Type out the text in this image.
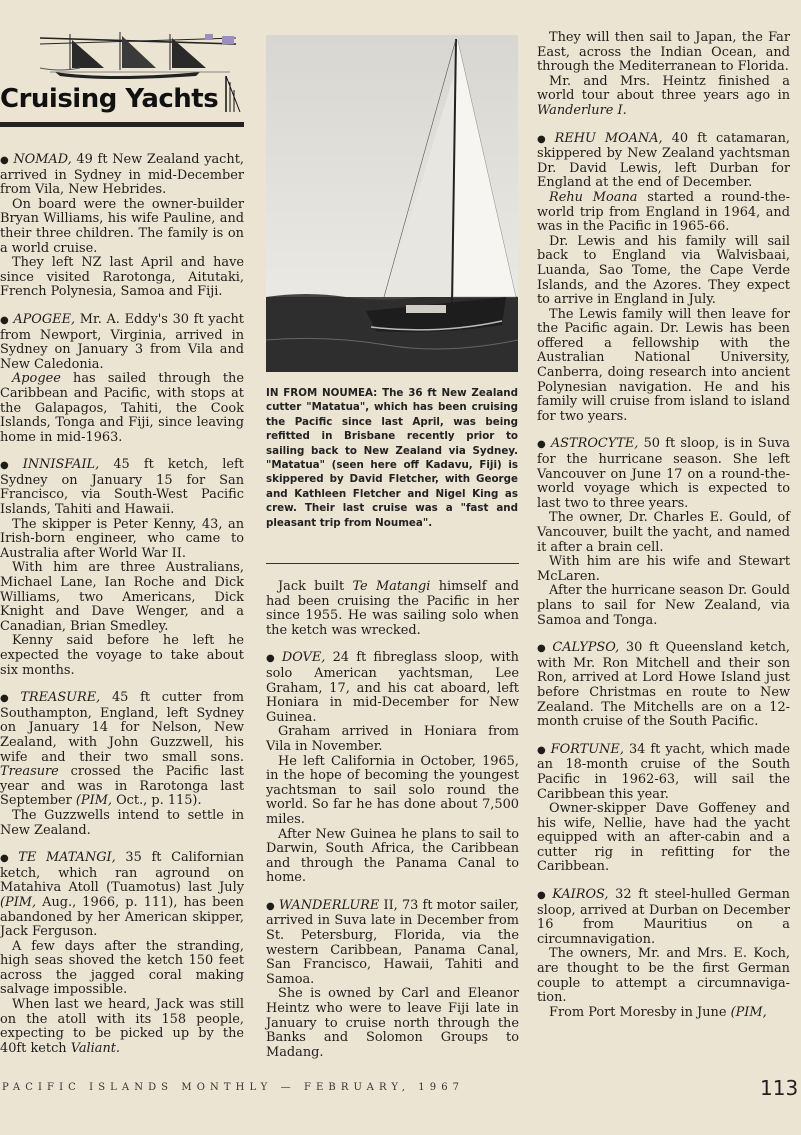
Cruising Yachts
IN FROM NOUMEA: The 36 ft New Zealand cutter "Matatua", which has been cruising the Pacific since last April, was being refitted in Brisbane recently prior to sailing back to New Zealand via Sydney. "Matatua" (seen here off Kadavu, Fiji) is skippered by David Fletcher, with George and Kathleen Fletcher and Nigel King as crew. Their last cruise was a "fast and pleasant trip from Noumea".

● NOMAD, 49 ft New Zealand yacht, arrived in Sydney in mid-December from Vila, New Hebrides.

On board were the owner-builder Bryan Williams, his wife Pauline, and their three children. The family is on a world cruise.

They left NZ last April and have since visited Rarotonga, Aitutaki, French Polynesia, Samoa and Fiji.

● APOGEE, Mr. A. Eddy's 30 ft yacht from Newport, Virginia, arrived in Sydney on January 3 from Vila and New Caledonia.

Apogee has sailed through the Caribbean and Pacific, with stops at the Galapagos, Tahiti, the Cook Islands, Tonga and Fiji, since leaving home in mid-1963.

● INNISFAIL, 45 ft ketch, left Sydney on January 15 for San Francisco, via South-West Pacific Islands, Tahiti and Hawaii.

The skipper is Peter Kenny, 43, an Irish-born engineer, who came to Australia after World War II.

With him are three Australians, Michael Lane, Ian Roche and Dick Williams, two Americans, Dick Knight and Dave Wenger, and a Canadian, Brian Smedley.

Kenny said before he left he expected the voyage to take about six months.

● TREASURE, 45 ft cutter from Southampton, England, left Sydney on January 14 for Nelson, New Zealand, with John Guzzwell, his wife and their two small sons. Treasure crossed the Pacific last year and was in Rarotonga last September (PIM, Oct., p. 115).

The Guzzwells intend to settle in New Zealand.

● TE MATANGI, 35 ft Californian ketch, which ran aground on Matahiva Atoll (Tuamotus) last July (PIM, Aug., 1966, p. 111), has been abandoned by her American skipper, Jack Ferguson.

A few days after the stranding, high seas shoved the ketch 150 feet across the jagged coral making salvage impossible.

When last we heard, Jack was still on the atoll with its 158 people, expecting to be picked up by the 40ft ketch Valiant.

Jack built Te Matangi himself and had been cruising the Pacific in her since 1955. He was sailing solo when the ketch was wrecked.

● DOVE, 24 ft fibreglass sloop, with solo American yachtsman, Lee Graham, 17, and his cat aboard, left Honiara in mid-December for New Guinea.

Graham arrived in Honiara from Vila in November.

He left California in October, 1965, in the hope of becoming the youngest yachtsman to sail solo round the world. So far he has done about 7,500 miles.

After New Guinea he plans to sail to Darwin, South Africa, the Caribbean and through the Panama Canal to home.

● WANDERLURE II, 73 ft motor sailer, arrived in Suva late in December from St. Petersburg, Florida, via the western Caribbean, Panama Canal, San Francisco, Hawaii, Tahiti and Samoa.

She is owned by Carl and Eleanor Heintz who were to leave Fiji late in January to cruise north through the Banks and Solomon Groups to Madang.

They will then sail to Japan, the Far East, across the Indian Ocean, and through the Mediterranean to Florida.

Mr. and Mrs. Heintz finished a world tour about three years ago in Wanderlure I.

● REHU MOANA, 40 ft catamaran, skippered by New Zealand yachtsman Dr. David Lewis, left Durban for England at the end of December.

Rehu Moana started a round-the-world trip from England in 1964, and was in the Pacific in 1965-66.

Dr. Lewis and his family will sail back to England via Walvisbaai, Luanda, Sao Tome, the Cape Verde Islands, and the Azores. They expect to arrive in England in July.

The Lewis family will then leave for the Pacific again. Dr. Lewis has been offered a fellowship with the Australian National University, Canberra, doing research into ancient Polynesian navigation. He and his family will cruise from island to island for two years.

● ASTROCYTE, 50 ft sloop, is in Suva for the hurricane season. She left Vancouver on June 17 on a round-the-world voyage which is expected to last two to three years.

The owner, Dr. Charles E. Gould, of Vancouver, built the yacht, and named it after a brain cell.

With him are his wife and Stewart McLaren.

After the hurricane season Dr. Gould plans to sail for New Zealand, via Samoa and Tonga.

● CALYPSO, 30 ft Queensland ketch, with Mr. Ron Mitchell and their son Ron, arrived at Lord Howe Island just before Christmas en route to New Zealand. The Mitchells are on a 12-month cruise of the South Pacific.

● FORTUNE, 34 ft yacht, which made an 18-month cruise of the South Pacific in 1962-63, will sail the Caribbean this year.

Owner-skipper Dave Goffeney and his wife, Nellie, have had the yacht equipped with an after-cabin and a cutter rig in refitting for the Caribbean.

● KAIROS, 32 ft steel-hulled German sloop, arrived at Durban on December 16 from Mauritius on a circumnavigation.

The owners, Mr. and Mrs. E. Koch, are thought to be the first German couple to attempt a circumnaviga-tion.

From Port Moresby in June (PIM,

PACIFIC ISLANDS MONTHLY — FEBRUARY, 1967	113
